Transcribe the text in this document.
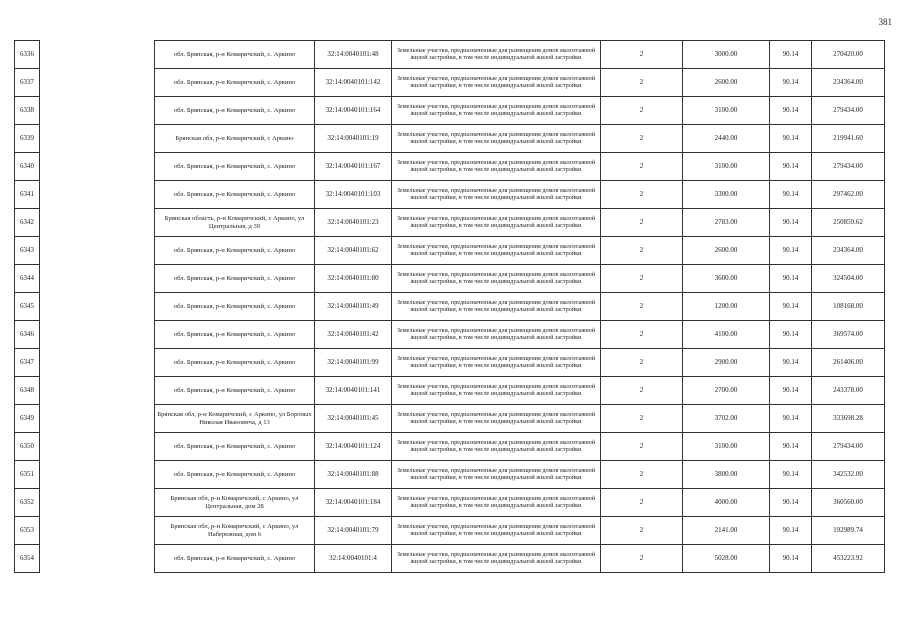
381
6336		обл. Брянская, р-н Комаричский, с. Аркино	32:14:0040101:48	Земельные участки, предназначенные для размещения домов малоэтажной жилой застройки, в том числе индивидуальной жилой застройки	2	3000.00	90.14	270420.00
6337		обл. Брянская, р-н Комаричский, с. Аркино	32:14:0040101:142	Земельные участки, предназначенные для размещения домов малоэтажной жилой застройки, в том числе индивидуальной жилой застройки	2	2600.00	90.14	234364.00
6338		обл. Брянская, р-н Комаричский, с. Аркино	32:14:0040101:164	Земельные участки, предназначенные для размещения домов малоэтажной жилой застройки, в том числе индивидуальной жилой застройки	2	3100.00	90.14	279434.00
6339		Брянская обл, р-н Комаричский, с Аркино	32:14:0040101:19	Земельные участки, предназначенные для размещения домов малоэтажной жилой застройки, в том числе индивидуальной жилой застройки	2	2440.00	90.14	219941.60
6340		обл. Брянская, р-н Комаричский, с. Аркино	32:14:0040101:167	Земельные участки, предназначенные для размещения домов малоэтажной жилой застройки, в том числе индивидуальной жилой застройки	2	3100.00	90.14	279434.00
6341		обл. Брянская, р-н Комаричский, с. Аркино	32:14:0040101:103	Земельные участки, предназначенные для размещения домов малоэтажной жилой застройки, в том числе индивидуальной жилой застройки	2	3300.00	90.14	297462.00
6342		Брянская область, р-н Комаричский, с Аркино, ул Центральная, д 39	32:14:0040101:23	Земельные участки, предназначенные для размещения домов малоэтажной жилой застройки, в том числе индивидуальной жилой застройки	2	2783.00	90.14	250859.62
6343		обл. Брянская, р-н Комаричский, с. Аркино	32:14:0040101:62	Земельные участки, предназначенные для размещения домов малоэтажной жилой застройки, в том числе индивидуальной жилой застройки	2	2600.00	90.14	234364.00
6344		обл. Брянская, р-н Комаричский, с. Аркино	32:14:0040101:80	Земельные участки, предназначенные для размещения домов малоэтажной жилой застройки, в том числе индивидуальной жилой застройки	2	3600.00	90.14	324504.00
6345		обл. Брянская, р-н Комаричский, с. Аркино	32:14:0040101:49	Земельные участки, предназначенные для размещения домов малоэтажной жилой застройки, в том числе индивидуальной жилой застройки	2	1200.00	90.14	108168.00
6346		обл. Брянская, р-н Комаричский, с. Аркино	32:14:0040101:42	Земельные участки, предназначенные для размещения домов малоэтажной жилой застройки, в том числе индивидуальной жилой застройки	2	4100.00	90.14	369574.00
6347		обл. Брянская, р-н Комаричский, с. Аркино	32:14:0040101:99	Земельные участки, предназначенные для размещения домов малоэтажной жилой застройки, в том числе индивидуальной жилой застройки	2	2900.00	90.14	261406.00
6348		обл. Брянская, р-н Комаричский, с. Аркино	32:14:0040101:141	Земельные участки, предназначенные для размещения домов малоэтажной жилой застройки, в том числе индивидуальной жилой застройки	2	2700.00	90.14	243378.00
6349		Брянская обл, р-н Комаричский, с Аркино, ул Бороных Николая Ивановича, д 13	32:14:0040101:45	Земельные участки, предназначенные для размещения домов малоэтажной жилой застройки, в том числе индивидуальной жилой застройки	2	3702.00	90.14	333698.28
6350		обл. Брянская, р-н Комаричский, с. Аркино	32:14:0040101:124	Земельные участки, предназначенные для размещения домов малоэтажной жилой застройки, в том числе индивидуальной жилой застройки	2	3100.00	90.14	279434.00
6351		обл. Брянская, р-н Комаричский, с. Аркино	32:14:0040101:88	Земельные участки, предназначенные для размещения домов малоэтажной жилой застройки, в том числе индивидуальной жилой застройки	2	3800.00	90.14	342532.00
6352		Брянская обл, р-н Комаричский, с Аркино, ул Центральная, дом 28	32:14:0040101:184	Земельные участки, предназначенные для размещения домов малоэтажной жилой застройки, в том числе индивидуальной жилой застройки	2	4000.00	90.14	360560.00
6353		Брянская обл, р-н Комаричский, с Аркино, ул Набережная, дом 6	32:14:0040101:79	Земельные участки, предназначенные для размещения домов малоэтажной жилой застройки, в том числе индивидуальной жилой застройки	2	2141.00	90.14	192989.74
6354		обл. Брянская, р-н Комаричский, с. Аркино	32:14:0040101:4	Земельные участки, предназначенные для размещения домов малоэтажной жилой застройки, в том числе индивидуальной жилой застройки	2	5028.00	90.14	453223.92
